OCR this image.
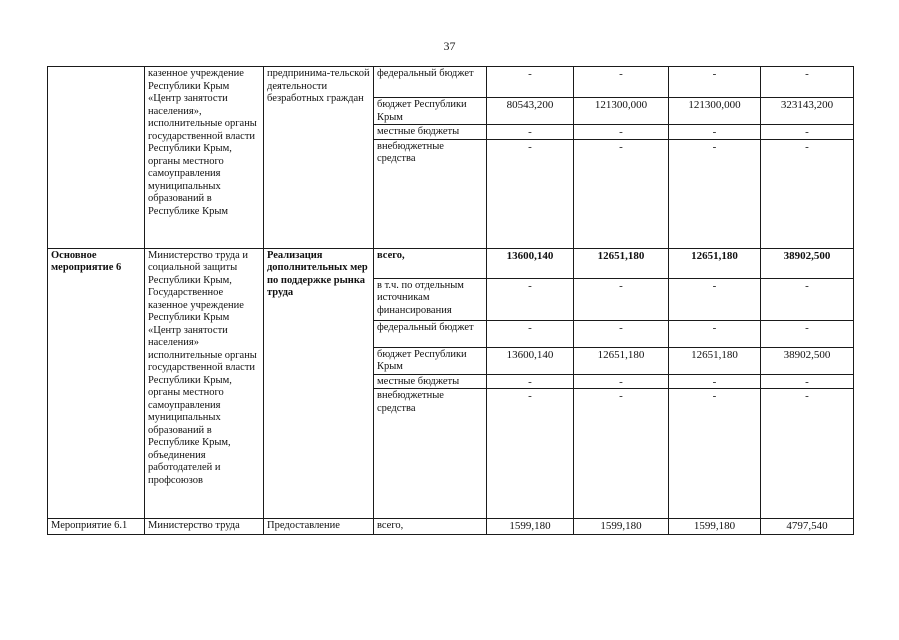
37
	казенное учреждение Республики Крым «Центр занятости населения», исполнительные органы государственной власти Республики Крым, органы местного самоуправления муниципальных образований в Республике Крым	предпринима-тельской деятельности безработных граждан	федеральный бюджет	-	-	-	-
			бюджет Республики Крым	80543,200	121300,000	121300,000	323143,200
			местные бюджеты	-	-	-	-
			внебюджетные средства	-	-	-	-
Основное мероприятие 6	Министерство труда и социальной защиты Республики Крым, Государственное казенное учреждение Республики Крым «Центр занятости населения» исполнительные органы государственной власти Республики Крым, органы местного самоуправления муниципальных образований в Республике Крым, объединения работодателей и профсоюзов	Реализация дополнительных мер по поддержке рынка труда	всего,	13600,140	12651,180	12651,180	38902,500
			в т.ч. по отдельным источникам финансирования	-	-	-	-
			федеральный бюджет	-	-	-	-
			бюджет Республики Крым	13600,140	12651,180	12651,180	38902,500
			местные бюджеты	-	-	-	-
			внебюджетные средства	-	-	-	-
Мероприятие 6.1	Министерство труда	Предоставление	всего,	1599,180	1599,180	1599,180	4797,540
